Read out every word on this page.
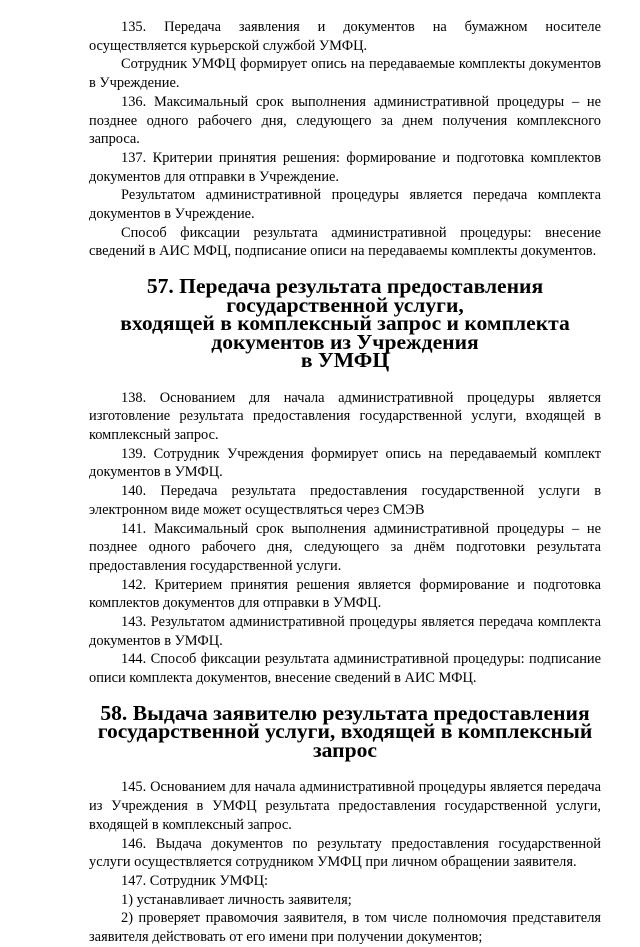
135. Передача заявления и документов на бумажном носителе осуществляется курьерской службой УМФЦ.

Сотрудник УМФЦ формирует опись на передаваемые комплекты документов в Учреждение.

136. Максимальный срок выполнения административной процедуры – не позднее одного рабочего дня, следующего за днем получения комплексного запроса.

137. Критерии принятия решения: формирование и подготовка комплектов документов для отправки в Учреждение.

Результатом административной процедуры является передача комплекта документов в Учреждение.

Способ фиксации результата административной процедуры: внесение сведений в АИС МФЦ, подписание описи на передаваемы комплекты документов.

57. Передача результата предоставления государственной услуги,
входящей в комплексный запрос и комплекта документов из Учреждения
в УМФЦ

138. Основанием для начала административной процедуры является изготовление результата предоставления государственной услуги, входящей в комплексный запрос.

139. Сотрудник Учреждения формирует опись на передаваемый комплект документов в УМФЦ.

140. Передача результата предоставления государственной услуги в электронном виде может осуществляться через СМЭВ

141. Максимальный срок выполнения административной процедуры – не позднее одного рабочего дня, следующего за днём подготовки результата предоставления государственной услуги.

142. Критерием принятия решения является формирование и подготовка комплектов документов для отправки в УМФЦ.

143. Результатом административной процедуры является передача комплекта документов в УМФЦ.

144. Способ фиксации результата административной процедуры: подписание описи комплекта документов, внесение сведений в АИС МФЦ.

58. Выдача заявителю результата предоставления
государственной услуги, входящей в комплексный запрос

145. Основанием для начала административной процедуры является передача из Учреждения в УМФЦ результата предоставления государственной услуги, входящей в комплексный запрос.

146. Выдача документов по результату предоставления государственной услуги осуществляется сотрудником УМФЦ при личном обращении заявителя.

147. Сотрудник УМФЦ:

1) устанавливает личность заявителя;

2) проверяет правомочия заявителя, в том числе полномочия представителя заявителя действовать от его имени при получении документов;
